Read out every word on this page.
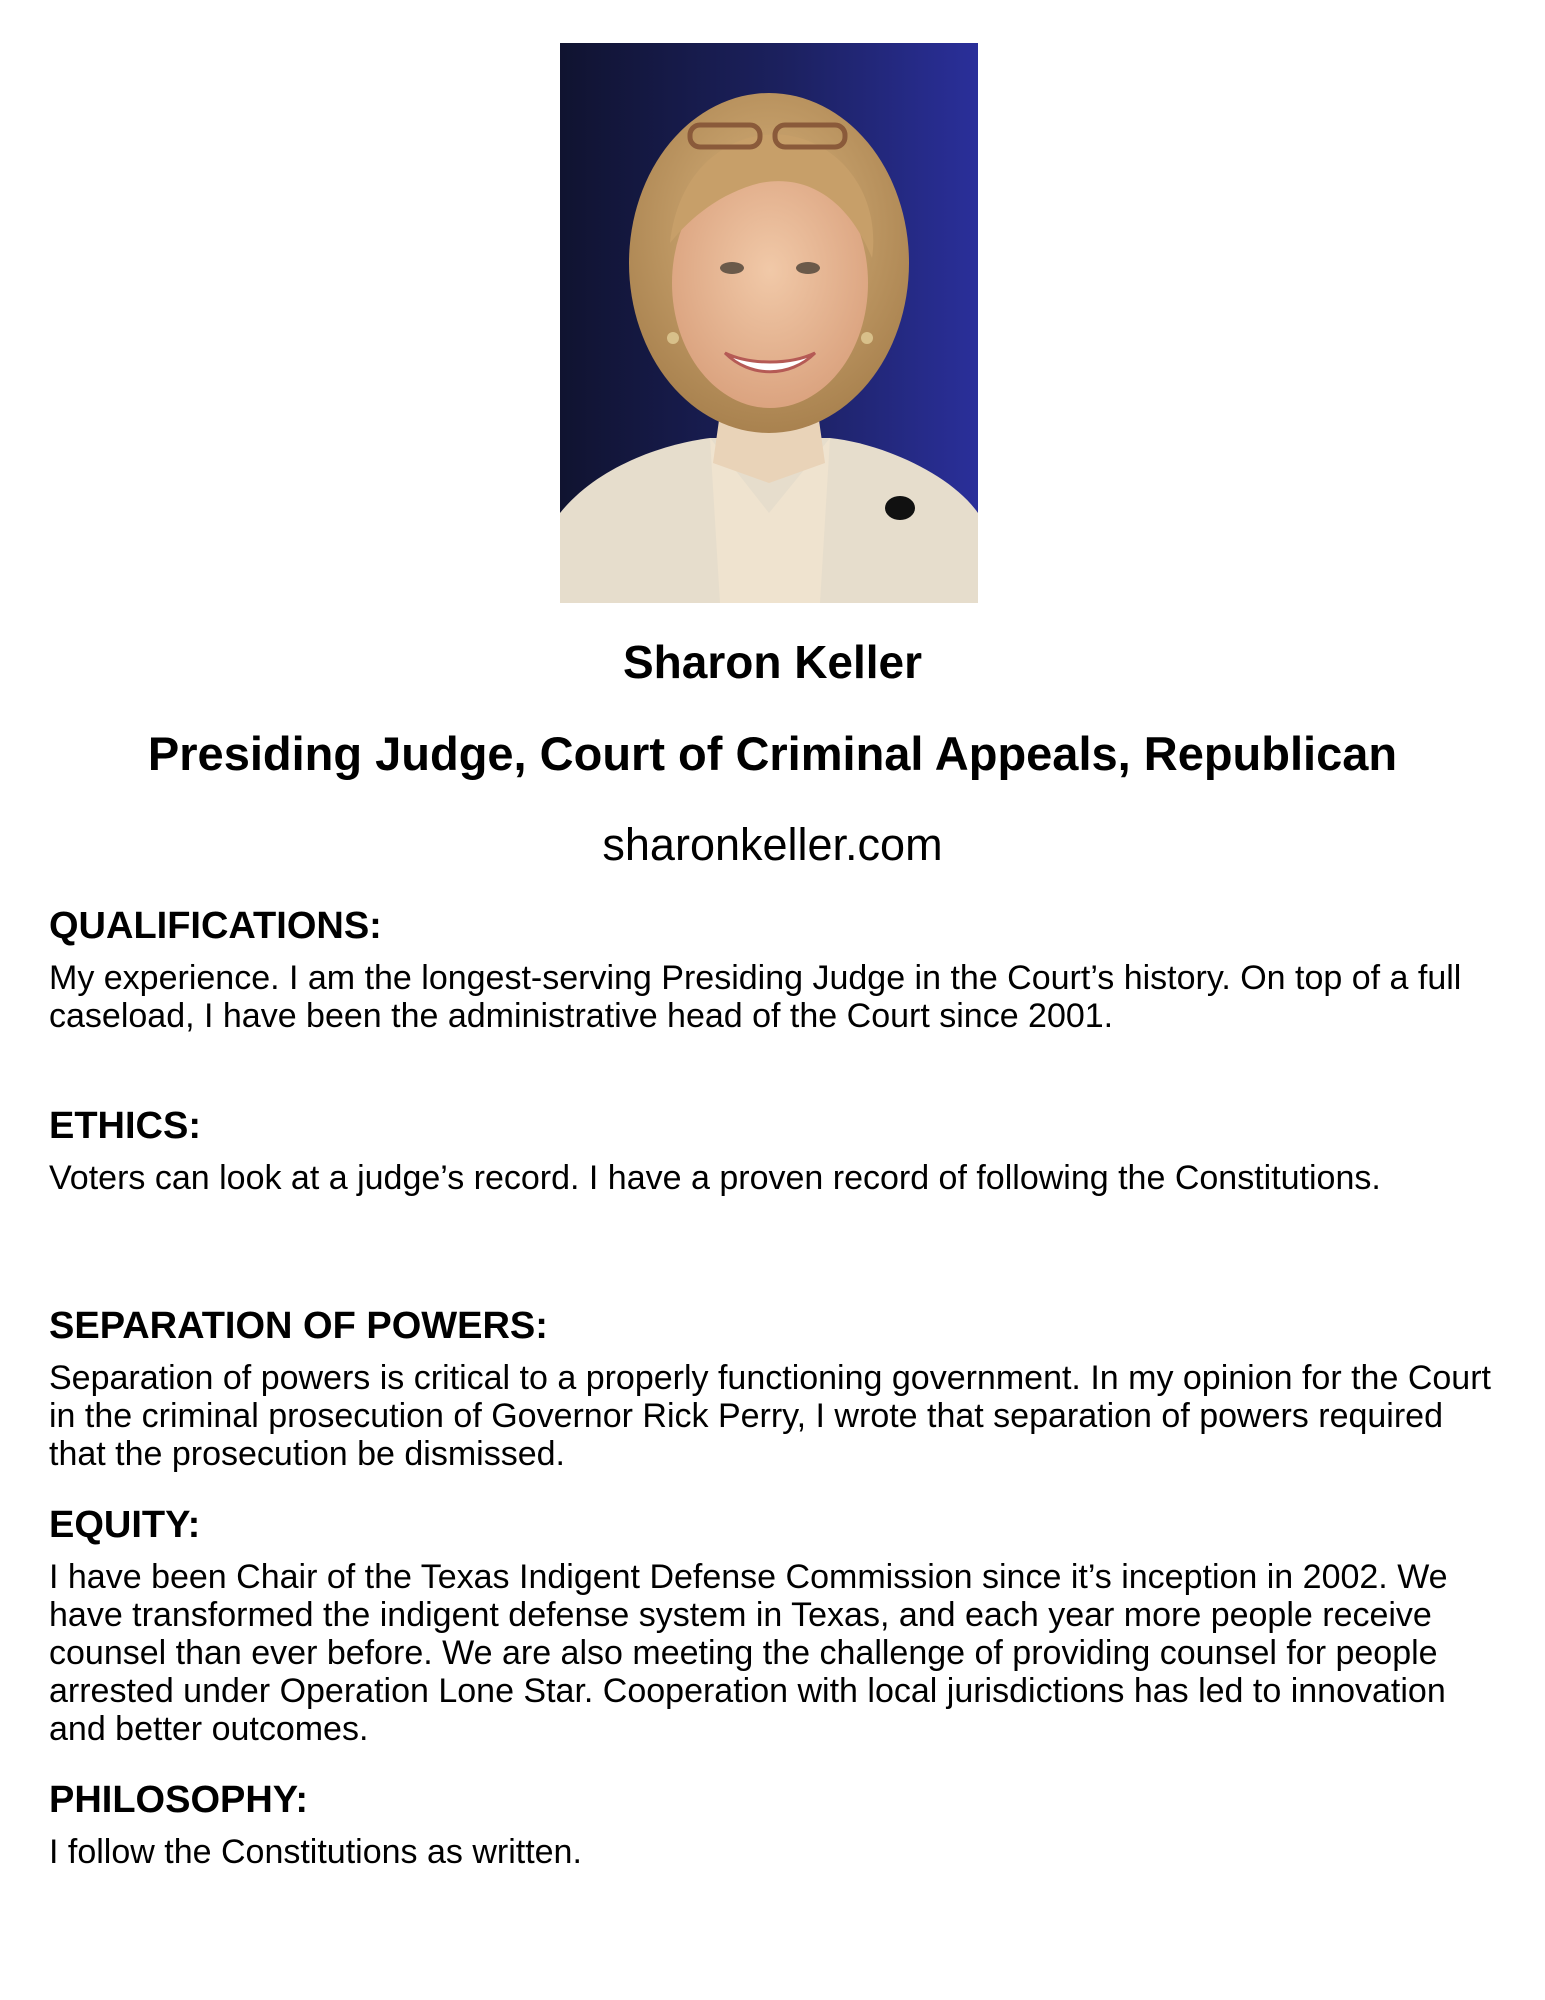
Sharon Keller
Presiding Judge, Court of Criminal Appeals, Republican
sharonkeller.com
QUALIFICATIONS:

My experience. I am the longest-serving Presiding Judge in the Court’s history. On top of a full caseload, I have been the administrative head of the Court since 2001.

ETHICS:

Voters can look at a judge’s record. I have a proven record of following the Constitutions.

SEPARATION OF POWERS:

Separation of powers is critical to a properly functioning government. In my opinion for the Court in the criminal prosecution of Governor Rick Perry, I wrote that separation of powers required that the prosecution be dismissed.

EQUITY:

I have been Chair of the Texas Indigent Defense Commission since it’s inception in 2002. We have transformed the indigent defense system in Texas, and each year more people receive counsel than ever before. We are also meeting the challenge of providing counsel for people arrested under Operation Lone Star. Cooperation with local jurisdictions has led to innovation and better outcomes.

PHILOSOPHY:

I follow the Constitutions as written.
